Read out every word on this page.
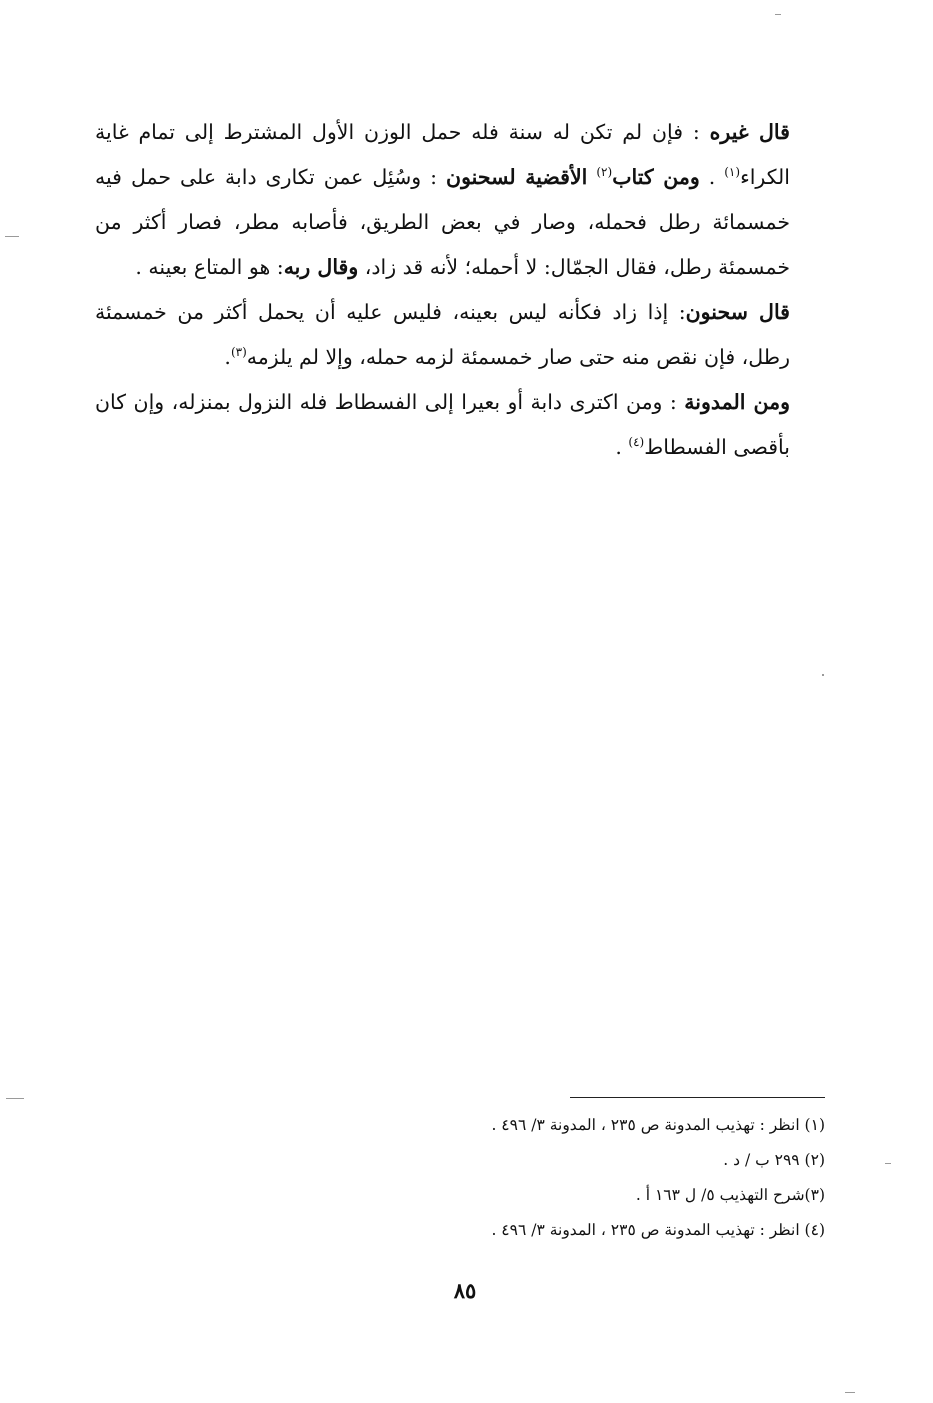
قال غيره : فإن لم تكن له سنة فله حمل الوزن الأول المشترط إلى تمام غاية الكراء$^{(١)}$ . ومن كتاب$^{(٢)}$ الأقضية لسحنون : وسُئِل عمن تكارى دابة على حمل فيه خمسمائة رطل فحمله، وصار في بعض الطريق، فأصابه مطر، فصار أكثر من خمسمئة رطل، فقال الجمّال: لا أحمله؛ لأنه قد زاد، وقال ربه: هو المتاع بعينه .

قال سحنون: إذا زاد فكأنه ليس بعينه، فليس عليه أن يحمل أكثر من خمسمئة رطل، فإن نقص منه حتى صار خمسمئة لزمه حمله، وإلا لم يلزمه$^{(٣)}$.

ومن المدونة : ومن اكترى دابة أو بعيرا إلى الفسطاط فله النزول بمنزله، وإن كان بأقصى الفسطاط$^{(٤)}$ .

(١) انظر : تهذيب المدونة ص ٢٣٥ ، المدونة ٣/ ٤٩٦ .

(٢) ٢٩٩ ب / د .

(٣)شرح التهذيب ٥/ ل ١٦٣ أ .

(٤) انظر : تهذيب المدونة ص ٢٣٥ ، المدونة ٣/ ٤٩٦ .

٨٥
